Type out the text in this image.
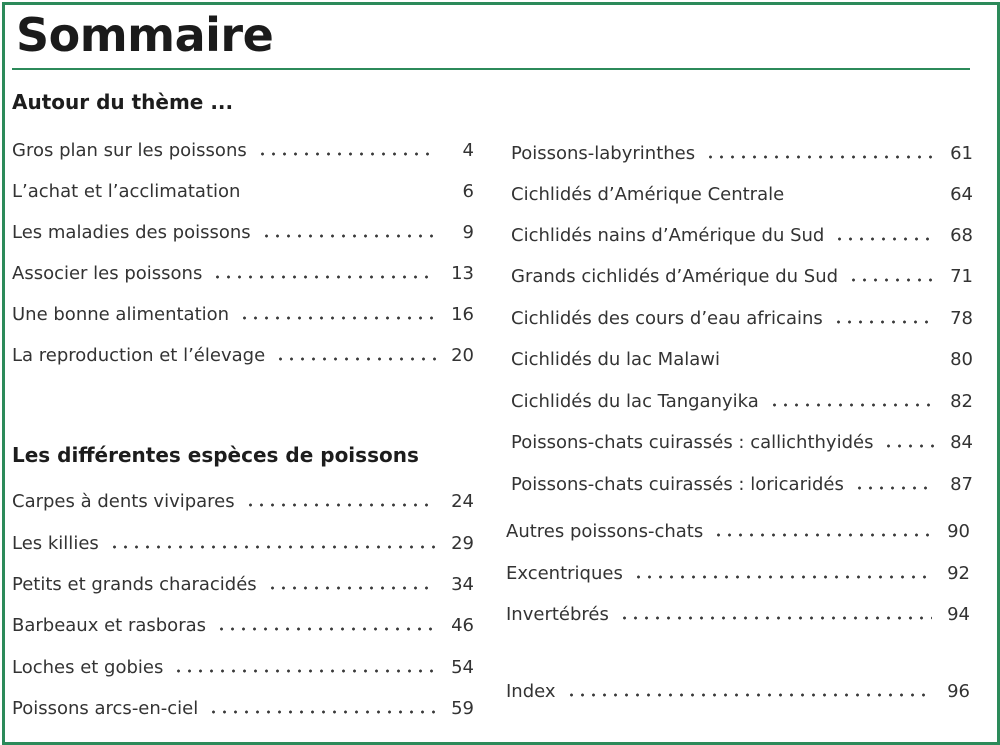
Sommaire
Autour du thème ...
Gros plan sur les poissons	4
L’achat et l’acclimatation	6
Les maladies des poissons	9
Associer les poissons	13
Une bonne alimentation	16
La reproduction et l’élevage	20
Les différentes espèces de poissons
Carpes à dents vivipares	24
Les killies	29
Petits et grands characidés	34
Barbeaux et rasboras	46
Loches et gobies	54
Poissons arcs-en-ciel	59
Poissons-labyrinthes	61
Cichlidés d’Amérique Centrale	64
Cichlidés nains d’Amérique du Sud	68
Grands cichlidés d’Amérique du Sud	71
Cichlidés des cours d’eau africains	78
Cichlidés du lac Malawi	80
Cichlidés du lac Tanganyika	82
Poissons-chats cuirassés : callichthyidés	84
Poissons-chats cuirassés : loricaridés	87
Autres poissons-chats	90
Excentriques	92
Invertébrés	94
Index	96
